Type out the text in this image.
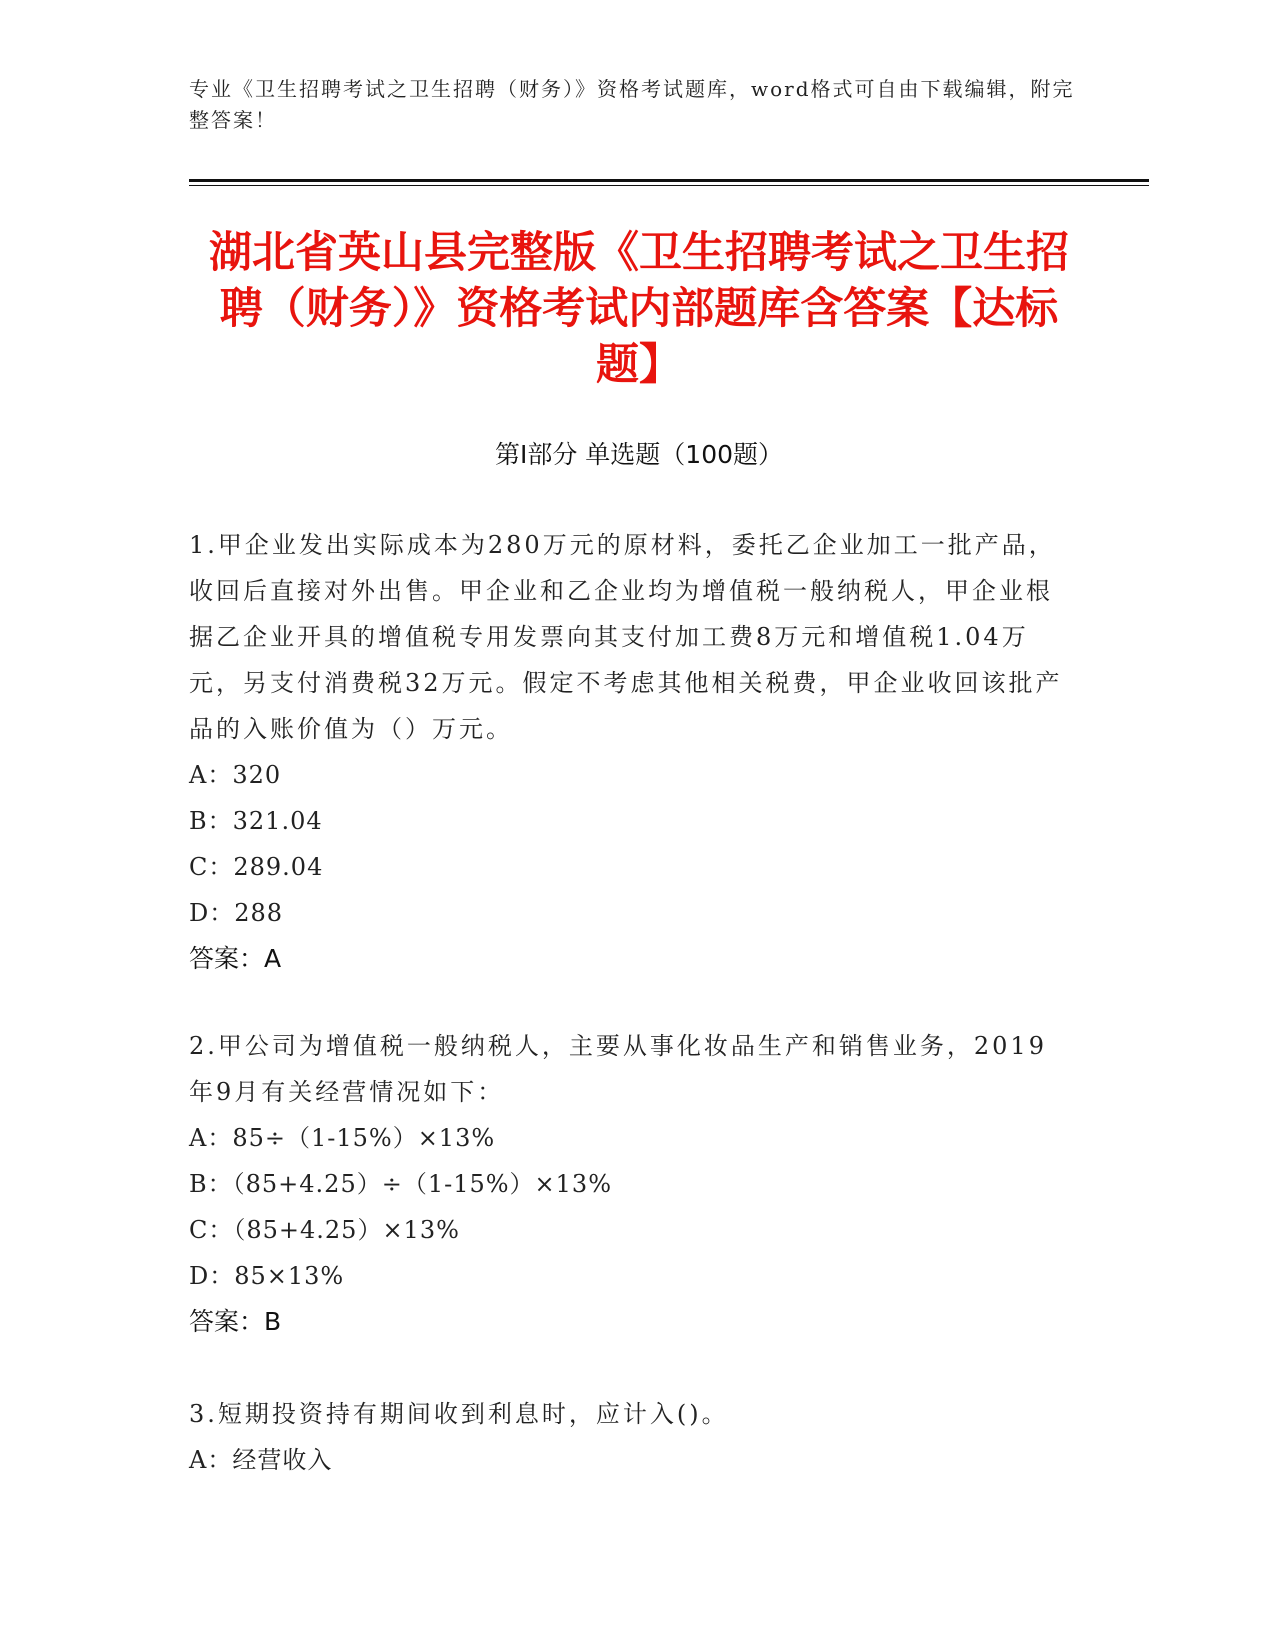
专业《卫生招聘考试之卫生招聘（财务）》资格考试题库，word格式可自由下载编辑，附完整答案！
湖北省英山县完整版《卫生招聘考试之卫生招聘（财务）》资格考试内部题库含答案【达标题】
第I部分 单选题（100题）

1.甲企业发出实际成本为280万元的原材料，委托乙企业加工一批产品，收回后直接对外出售。甲企业和乙企业均为增值税一般纳税人，甲企业根据乙企业开具的增值税专用发票向其支付加工费8万元和增值税1.04万元，另支付消费税32万元。假定不考虑其他相关税费，甲企业收回该批产品的入账价值为（）万元。

A：320

B：321.04

C：289.04

D：288

答案：A

2.甲公司为增值税一般纳税人，主要从事化妆品生产和销售业务，2019年9月有关经营情况如下：

A：85÷（1-15%）×13%

B：（85+4.25）÷（1-15%）×13%

C：（85+4.25）×13%

D：85×13%

答案：B

3.短期投资持有期间收到利息时，应计入()。

A：经营收入
